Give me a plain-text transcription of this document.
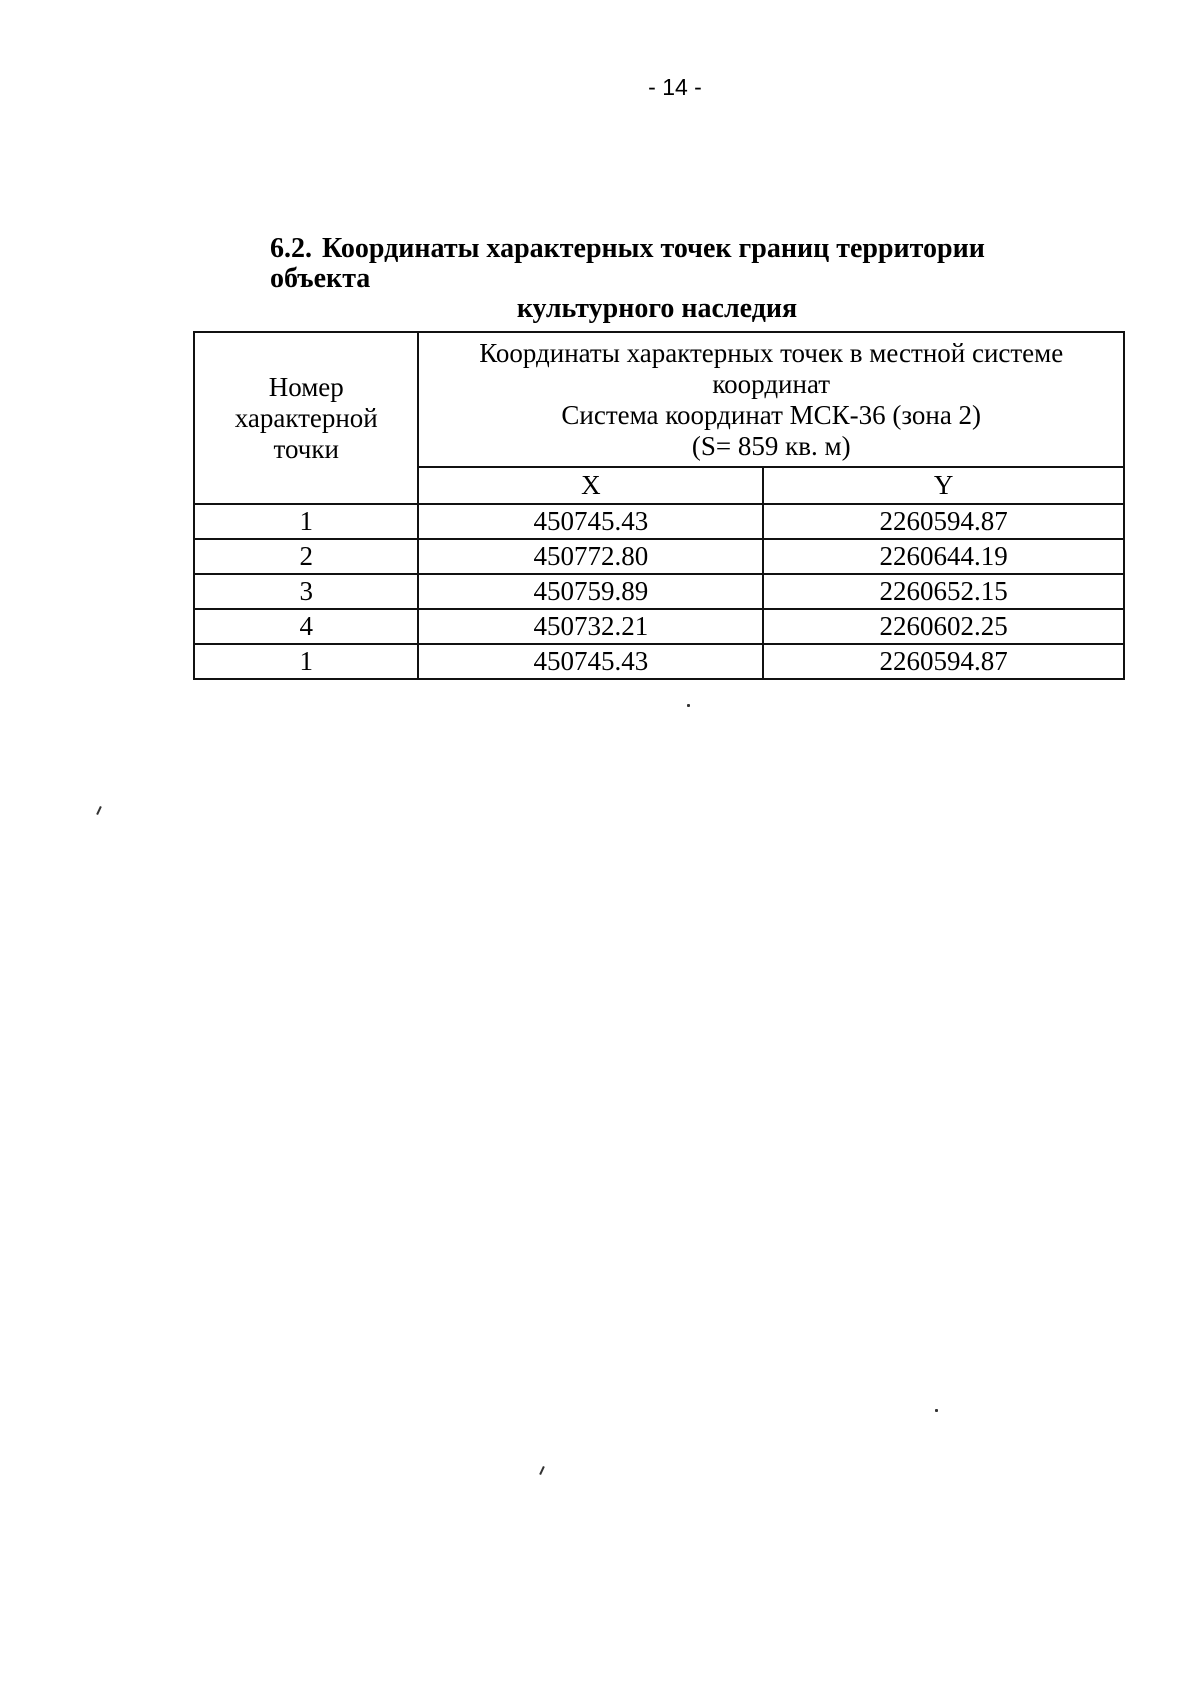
- 14 -
6.2. Координаты характерных точек границ территории объекта
культурного наследия
Номер
характерной
точки	Координаты характерных точек в местной системе
координат
Система координат МСК-36 (зона 2)
(S= 859 кв. м)	

	X	Y
1	450745.43	2260594.87
2	450772.80	2260644.19
3	450759.89	2260652.15
4	450732.21	2260602.25
1	450745.43	2260594.87
